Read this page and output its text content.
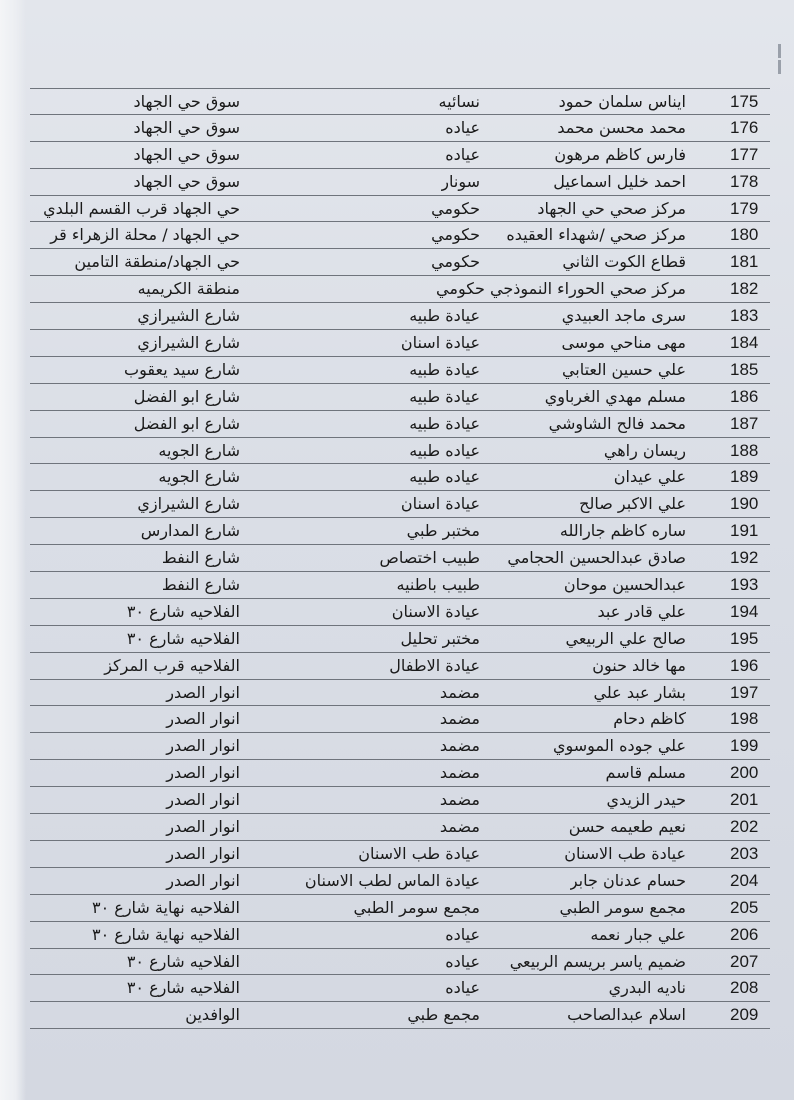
175
ايناس سلمان حمود
نسائيه
سوق حي الجهاد
176
محمد محسن محمد
عياده
سوق حي الجهاد
177
فارس كاظم مرهون
عياده
سوق حي الجهاد
178
احمد خليل اسماعيل
سونار
سوق حي الجهاد
179
مركز صحي حي الجهاد
حكومي
حي الجهاد قرب القسم البلدي
180
مركز صحي /شهداء العقيده
حكومي
حي الجهاد / محلة الزهراء قر
181
قطاع الكوت الثاني
حكومي
حي الجهاد/منطقة التامين
182
مركز صحي الحوراء النموذجي حكومي
منطقة الكريميه
183
سرى ماجد العبيدي
عيادة طبيه
شارع الشيرازي
184
مهى مناحي موسى
عيادة اسنان
شارع الشيرازي
185
علي حسين العتابي
عيادة طبيه
شارع سيد يعقوب
186
مسلم مهدي الغرباوي
عيادة طبيه
شارع ابو الفضل
187
محمد فالح الشاوشي
عيادة طبيه
شارع ابو الفضل
188
ريسان راهي
عياده طبيه
شارع الجويه
189
علي عيدان
عياده طبيه
شارع الجويه
190
علي الاكبر صالح
عيادة اسنان
شارع الشيرازي
191
ساره كاظم جارالله
مختبر طبي
شارع المدارس
192
صادق عبدالحسين الحجامي
طبيب اختصاص
شارع النفط
193
عبدالحسين موحان
طبيب باطنيه
شارع النفط
194
علي قادر عبد
عيادة الاسنان
الفلاحيه شارع ٣٠
195
صالح علي الربيعي
مختبر تحليل
الفلاحيه شارع ٣٠
196
مها خالد حنون
عيادة الاطفال
الفلاحيه قرب المركز
197
بشار عبد علي
مضمد
انوار الصدر
198
كاظم دحام
مضمد
انوار الصدر
199
علي جوده الموسوي
مضمد
انوار الصدر
200
مسلم قاسم
مضمد
انوار الصدر
201
حيدر الزيدي
مضمد
انوار الصدر
202
نعيم طعيمه حسن
مضمد
انوار الصدر
203
عيادة طب الاسنان
عيادة طب الاسنان
انوار الصدر
204
حسام عدنان جابر
عيادة الماس لطب الاسنان
انوار الصدر
205
مجمع سومر الطبي
مجمع سومر الطبي
الفلاحيه نهاية شارع ٣٠
206
علي جبار نعمه
عياده
الفلاحيه نهاية شارع ٣٠
207
ضميم ياسر بريسم الربيعي
عياده
الفلاحيه شارع ٣٠
208
ناديه البدري
عياده
الفلاحيه شارع ٣٠
209
اسلام عبدالصاحب
مجمع طبي
الوافدين
